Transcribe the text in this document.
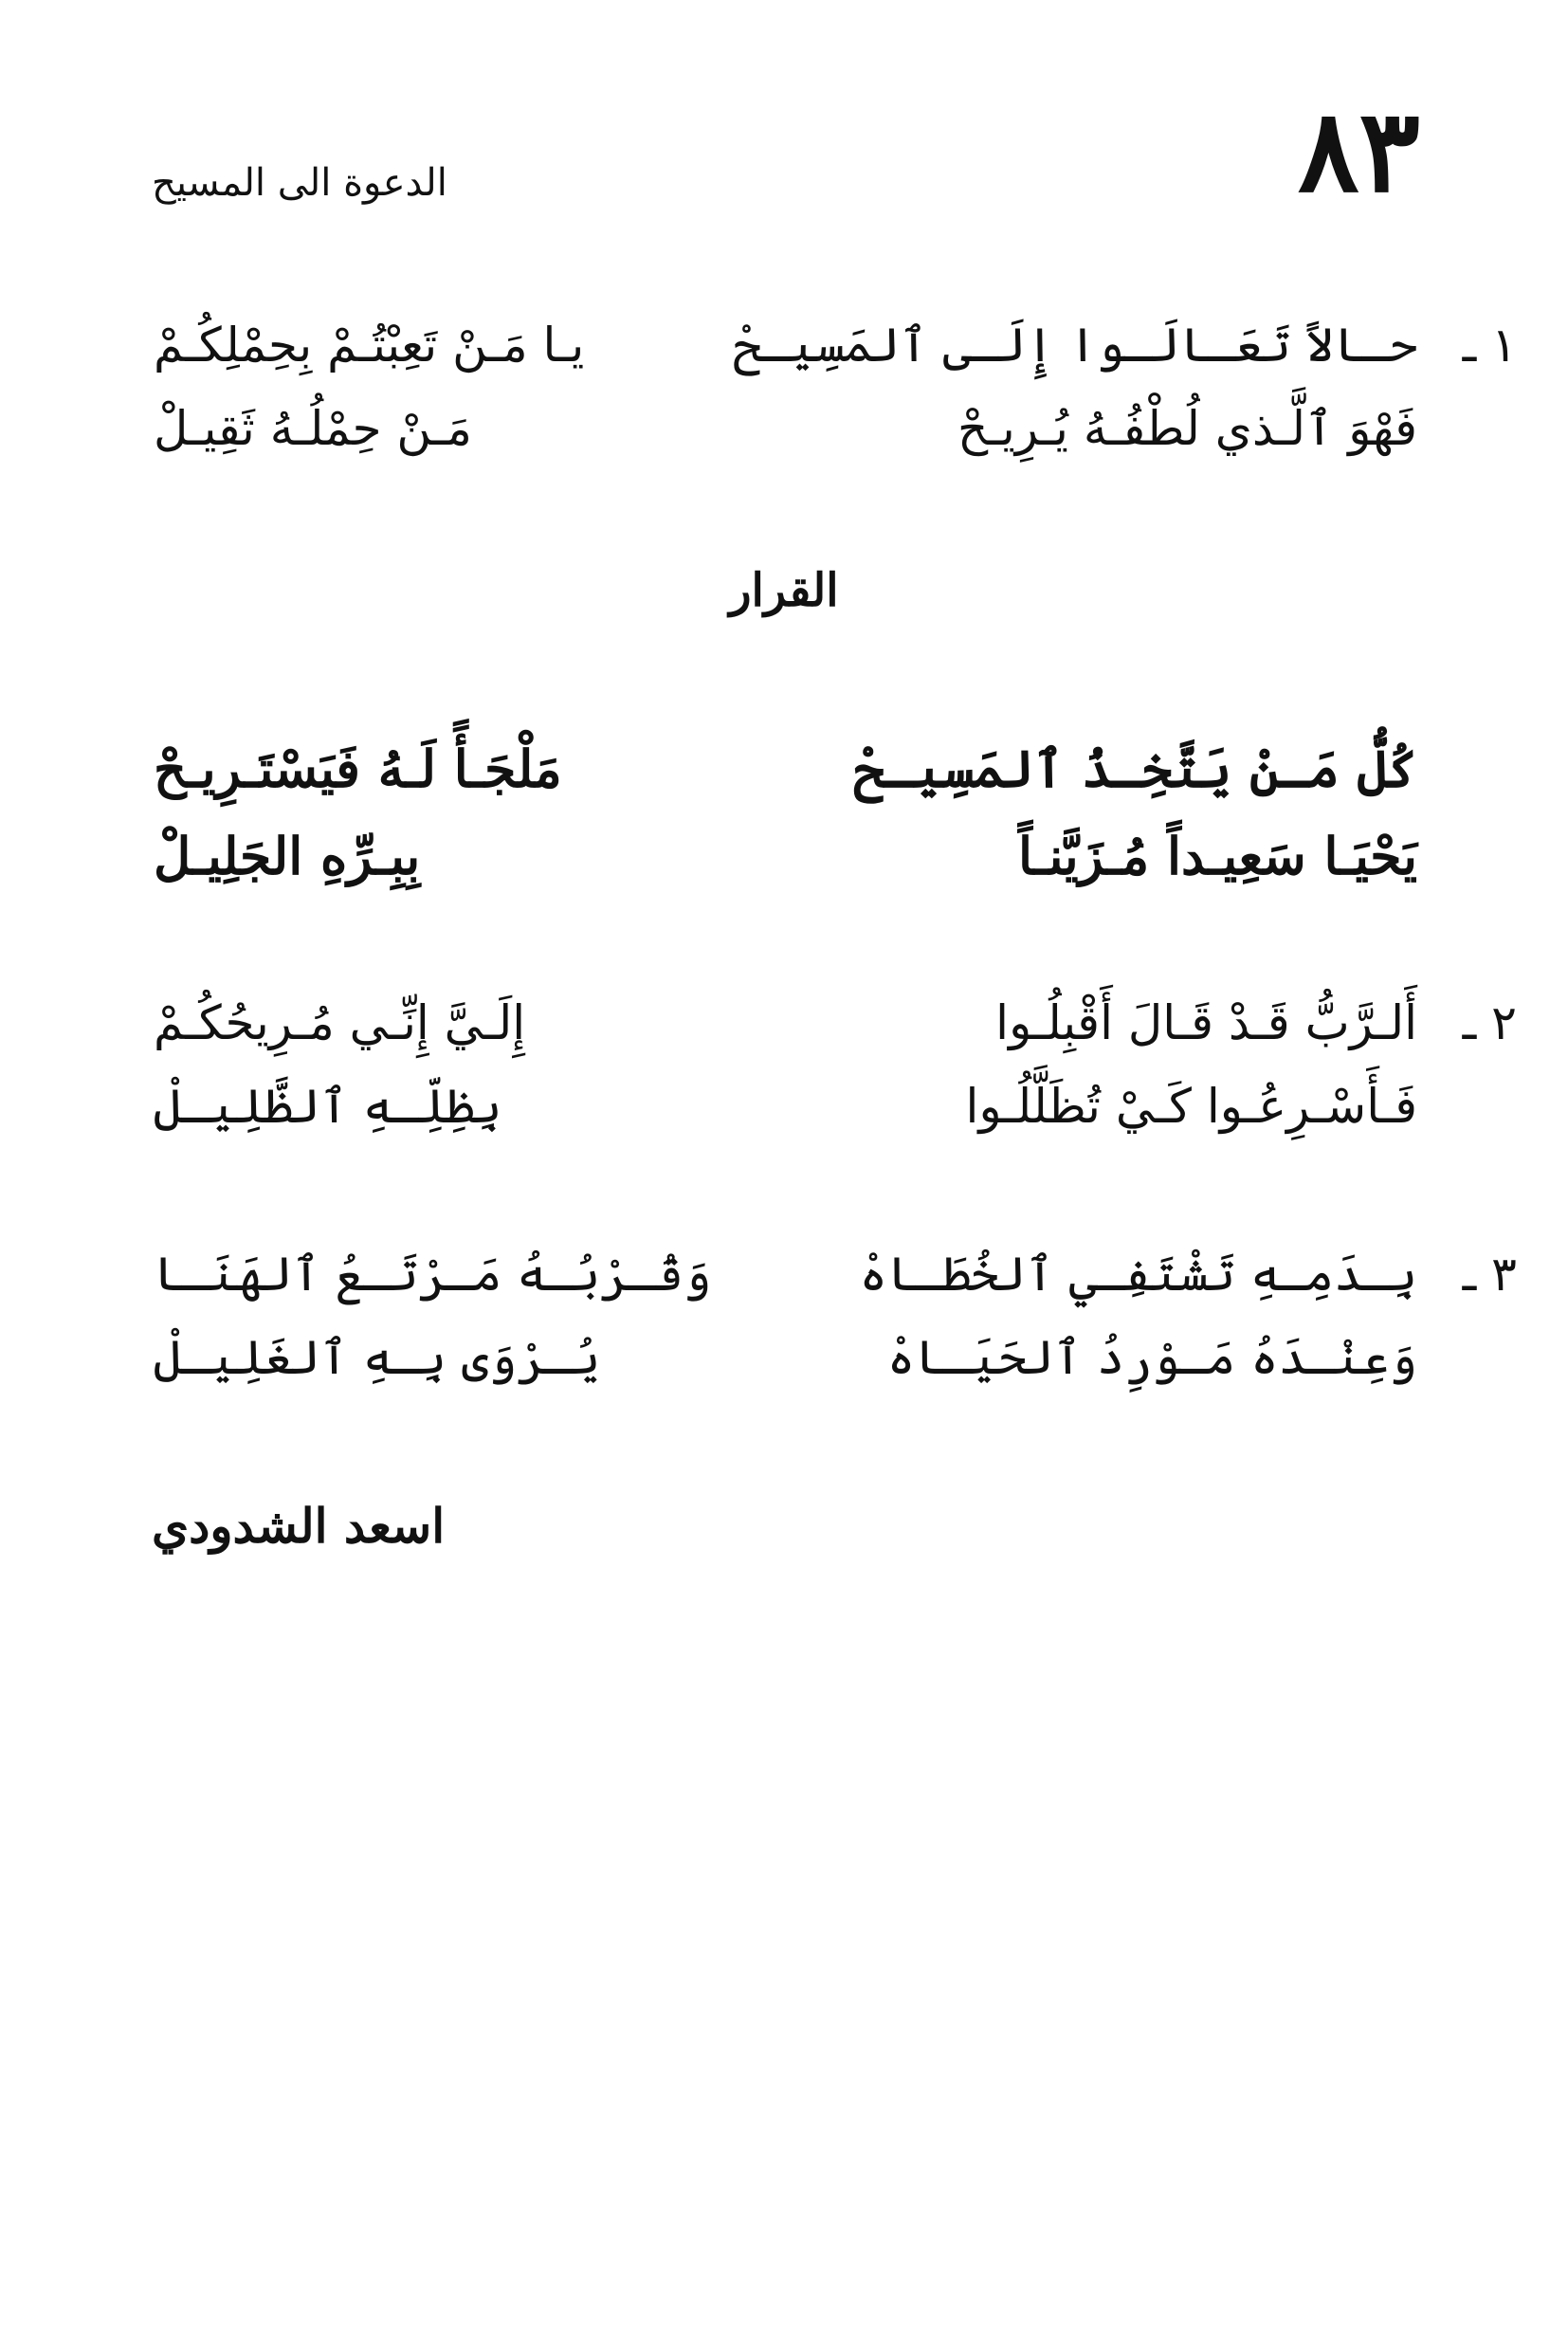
٨٣
الدعوة الى المسيح
١ ـ
حـالاً تَعَـالَـوا إِلَـى ٱلمَسِيـحْ
يـا مَـنْ تَعِبْتُـمْ بِحِمْلِكُـمْ
فَهْوَ ٱلَّـذي لُطْفُـهُ يُـرِيـحْ
مَـنْ حِمْلُـهُ ثَقِيـلْ
القرار
كُلُّ مَـنْ يَتَّخِـذُ ٱلمَسِيـحْ
مَلْجَـأً لَـهُ فَيَسْتَـرِيـحْ
يَحْيَـا سَعِيـداً مُـزَيَّنـاً
بِبِـرِّهِ الجَلِيـلْ
٢ ـ
أَلـرَّبُّ قَـدْ قَـالَ أَقْبِلُـوا
إِلَـيَّ إِنِّـي مُـرِيحُكُـمْ
فَـأَسْـرِعُـوا كَـيْ تُظَلَّلُـوا
بِظِلِّـهِ ٱلظَّلِيـلْ
٣ ـ
بِـدَمِـهِ تَشْتَفِـي ٱلخُطَـاهْ
وَقُـرْبُـهُ مَـرْتَـعُ ٱلهَنَـا
وَعِنْـدَهُ مَـوْرِدُ ٱلحَيَـاهْ
يُـرْوَى بِـهِ ٱلغَلِيـلْ
اسعد الشدودي
